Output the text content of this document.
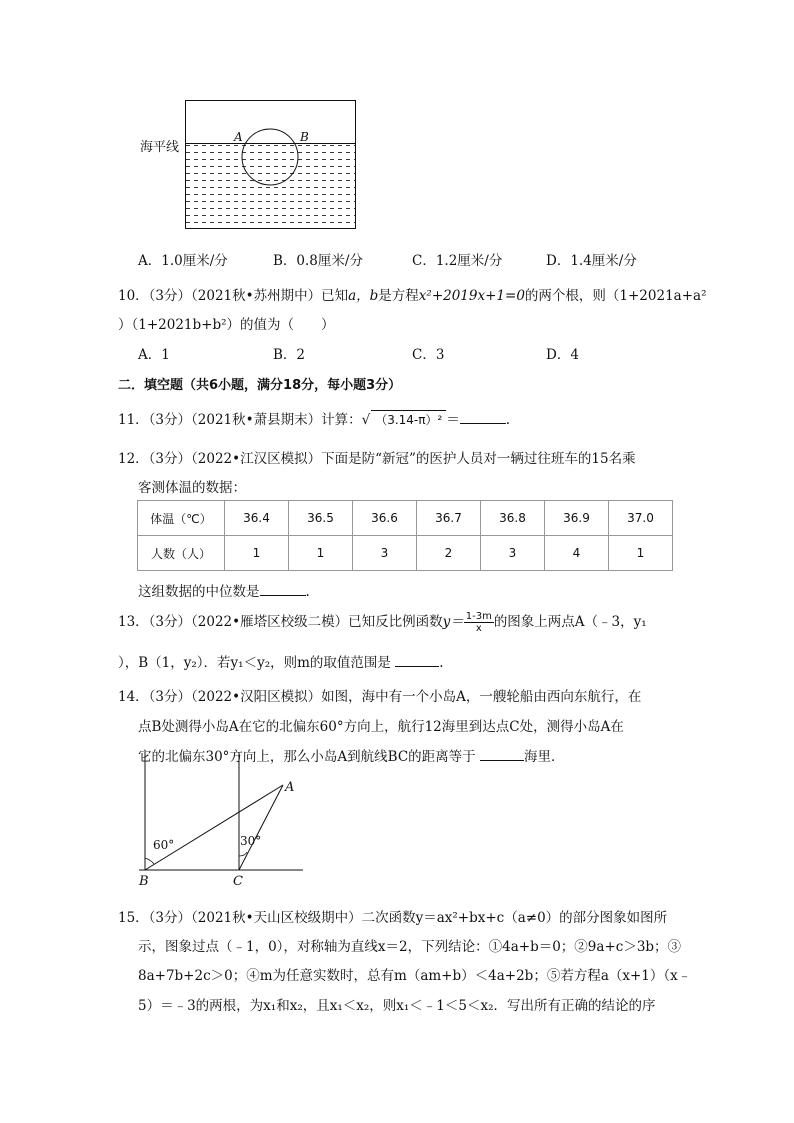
海平线
A	B
A．1.0厘米/分	B．0.8厘米/分	C．1.2厘米/分	D．1.4厘米/分
10．（3分）（2021秋•苏州期中）已知a，b是方程x²+2019x+1=0的两个根，则（1+2021a+a²
）（1+2021b+b²）的值为（　　）
A．1	B．2	C．3	D．4
二．填空题（共6小题，满分18分，每小题3分）
11．（3分）（2021秋•萧县期末）计算：√ （3.14-π）² ＝	.
12．（3分）（2022•江汉区模拟）下面是防“新冠”的医护人员对一辆过往班车的15名乘
客测体温的数据：
体温（℃）	36.4	36.5	36.6	36.7	36.8	36.9	37.0
人数（人）	1	1	3	2	3	4	1
这组数据的中位数是	.
13．（3分）（2022•雁塔区校级二模）已知反比例函数$y= \frac{1-3m}{x}$ 的图象上两点A（﹣3，y₁
），B（1，y₂）．若y₁＜y₂，则m的取值范围是	.
14．（3分）（2022•汉阳区模拟）如图，海中有一个小岛A，一艘轮船由西向东航行，在
点B处测得小岛A在它的北偏东60°方向上，航行12海里到达点C处，测得小岛A在
它的北偏东30°方向上，那么小岛A到航线BC的距离等于	海里．
A
B	C
60°	30°
15．（3分）（2021秋•天山区校级期中）二次函数y＝ax²+bx+c（a≠0）的部分图象如图所
示，图象过点（﹣1，0），对称轴为直线x＝2，下列结论：①4a+b＝0；②9a+c＞3b；③
8a+7b+2c＞0；④m为任意实数时，总有m（am+b）＜4a+2b；⑤若方程a（x+1）（x﹣
5）＝﹣3的两根，为x₁和x₂，且x₁＜x₂，则x₁＜﹣1＜5＜x₂．写出所有正确的结论的序
